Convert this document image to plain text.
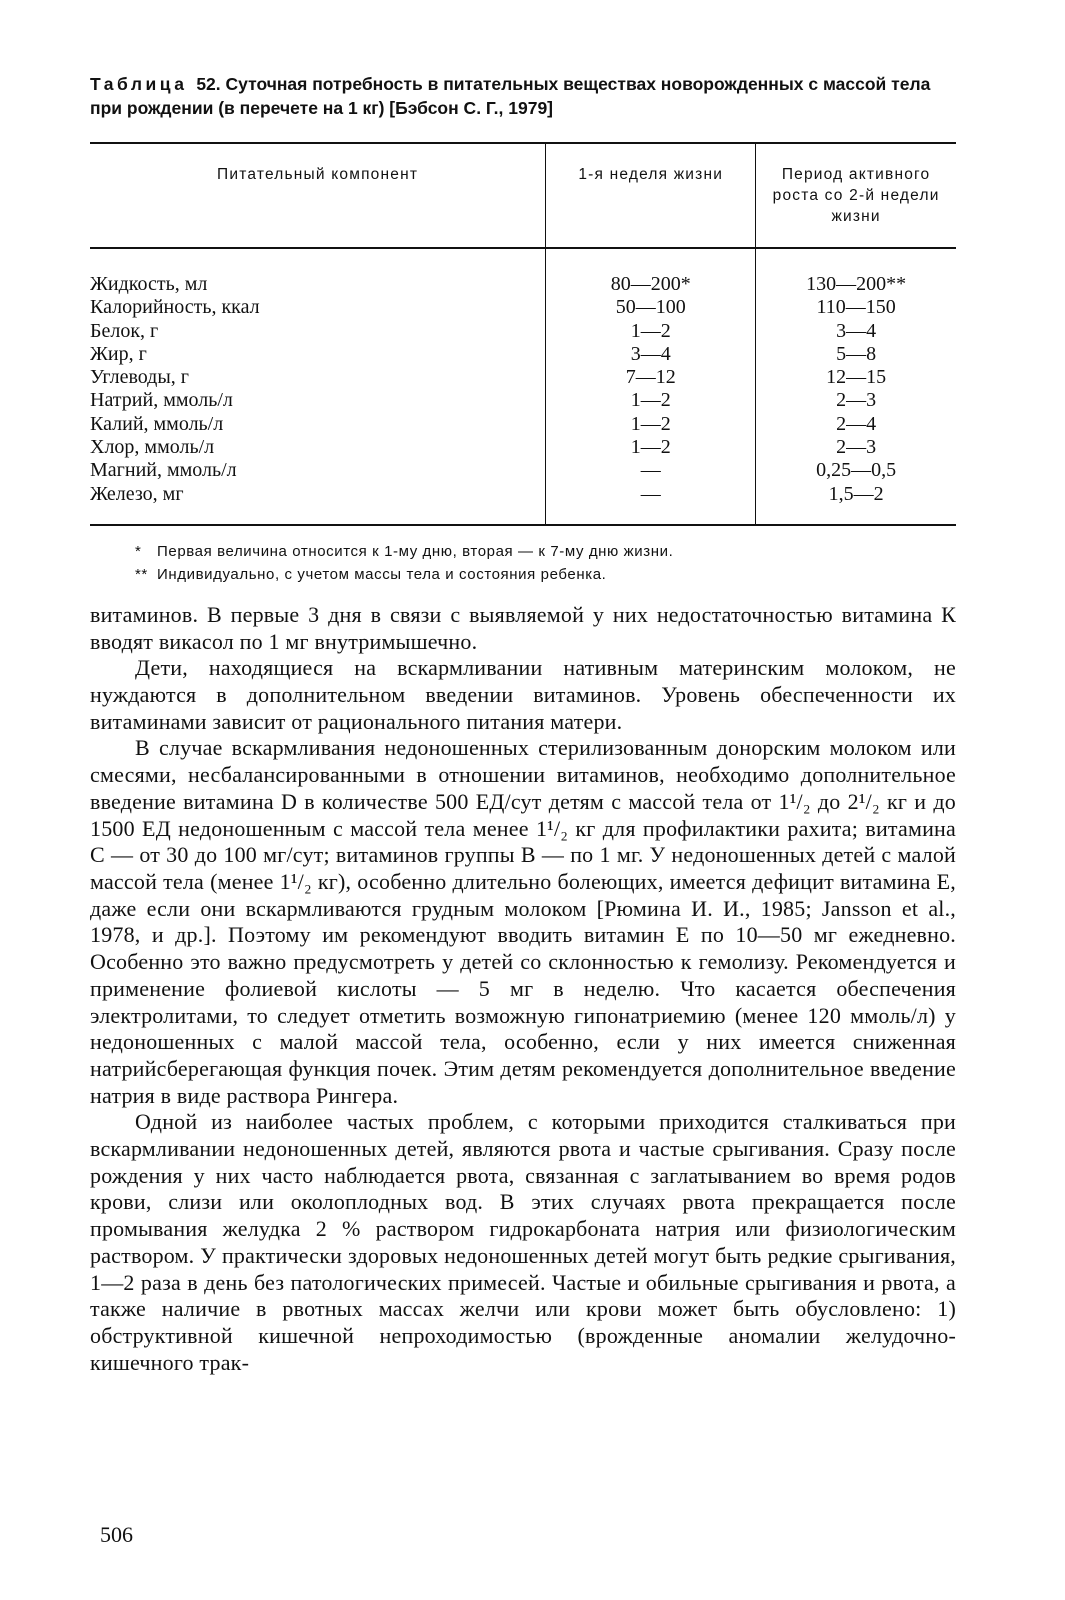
Таблица 52. Суточная потребность в питательных веществах новорожденных с массой тела при рождении (в перечете на 1 кг) [Бэбсон С. Г., 1979]

Питательный компонент	1-я неделя жизни	Период активного роста со 2-й недели жизни
Жидкость, мл	80—200*	130—200**
Калорийность, ккал	50—100	110—150
Белок, г	1—2	3—4
Жир, г	3—4	5—8
Углеводы, г	7—12	12—15
Натрий, ммоль/л	1—2	2—3
Калий, ммоль/л	1—2	2—4
Хлор, ммоль/л	1—2	2—3
Магний, ммоль/л	—	0,25—0,5
Железо, мг	—	1,5—2
* Первая величина относится к 1-му дню, вторая — к 7-му дню жизни.
** Индивидуально, с учетом массы тела и состояния ребенка.

витаминов. В первые 3 дня в связи с выявляемой у них недостаточностью витамина К вводят викасол по 1 мг внутримышечно.

Дети, находящиеся на вскармливании нативным материнским молоком, не нуждаются в дополнительном введении витаминов. Уровень обеспеченности их витаминами зависит от рационального питания матери.

В случае вскармливания недоношенных стерилизованным донорским молоком или смесями, несбалансированными в отношении витаминов, необходимо дополнительное введение витамина D в количестве 500 ЕД/сут детям с массой тела от 1¹/₂ до 2¹/₂ кг и до 1500 ЕД недоношенным с массой тела менее 1¹/₂ кг для профилактики рахита; витамина С — от 30 до 100 мг/сут; витаминов группы В — по 1 мг. У недоношенных детей с малой массой тела (менее 1¹/₂ кг), особенно длительно болеющих, имеется дефицит витамина Е, даже если они вскармливаются грудным молоком [Рюмина И. И., 1985; Jansson et al., 1978, и др.]. Поэтому им рекомендуют вводить витамин Е по 10—50 мг ежедневно. Особенно это важно предусмотреть у детей со склонностью к гемолизу. Рекомендуется и применение фолиевой кислоты — 5 мг в неделю. Что касается обеспечения электролитами, то следует отметить возможную гипонатриемию (менее 120 ммоль/л) у недоношенных с малой массой тела, особенно, если у них имеется сниженная натрийсберегающая функция почек. Этим детям рекомендуется дополнительное введение натрия в виде раствора Рингера.

Одной из наиболее частых проблем, с которыми приходится сталкиваться при вскармливании недоношенных детей, являются рвота и частые срыгивания. Сразу после рождения у них часто наблюдается рвота, связанная с заглатыванием во время родов крови, слизи или околоплодных вод. В этих случаях рвота прекращается после промывания желудка 2 % раствором гидрокарбоната натрия или физиологическим раствором. У практически здоровых недоношенных детей могут быть редкие срыгивания, 1—2 раза в день без патологических примесей. Частые и обильные срыгивания и рвота, а также наличие в рвотных массах желчи или крови может быть обусловлено: 1) обструктивной кишечной непроходимостью (врожденные аномалии желудочно-кишечного трак-

506
